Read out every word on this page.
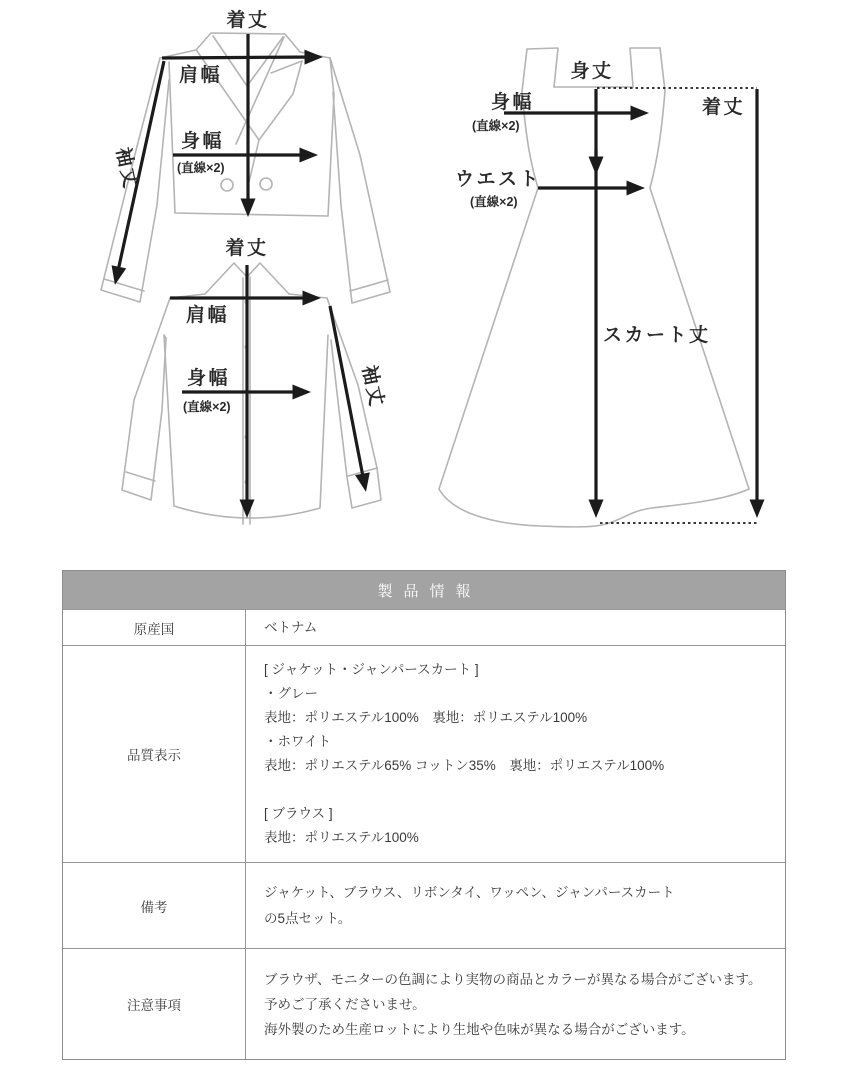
着丈
肩幅
身幅
(直線×2)
袖丈
着丈
肩幅
身幅
(直線×2)	袖丈
身丈
身幅
(直線×2)
ウエスト
(直線×2)
着丈
スカート丈
製品情報
原産国	ベトナム
品質表示
[ ジャケット・ジャンパースカート ]
・グレー
表地：ポリエステル100%　裏地：ポリエステル100%
・ホワイト
表地：ポリエステル65% コットン35%　裏地：ポリエステル100%
[ ブラウス ]
表地：ポリエステル100%
備考
ジャケット、ブラウス、リボンタイ、ワッペン、ジャンパースカート
の5点セット。
注意事項
ブラウザ、モニターの色調により実物の商品とカラーが異なる場合がございます。
予めご了承くださいませ。
海外製のため生産ロットにより生地や色味が異なる場合がございます。
